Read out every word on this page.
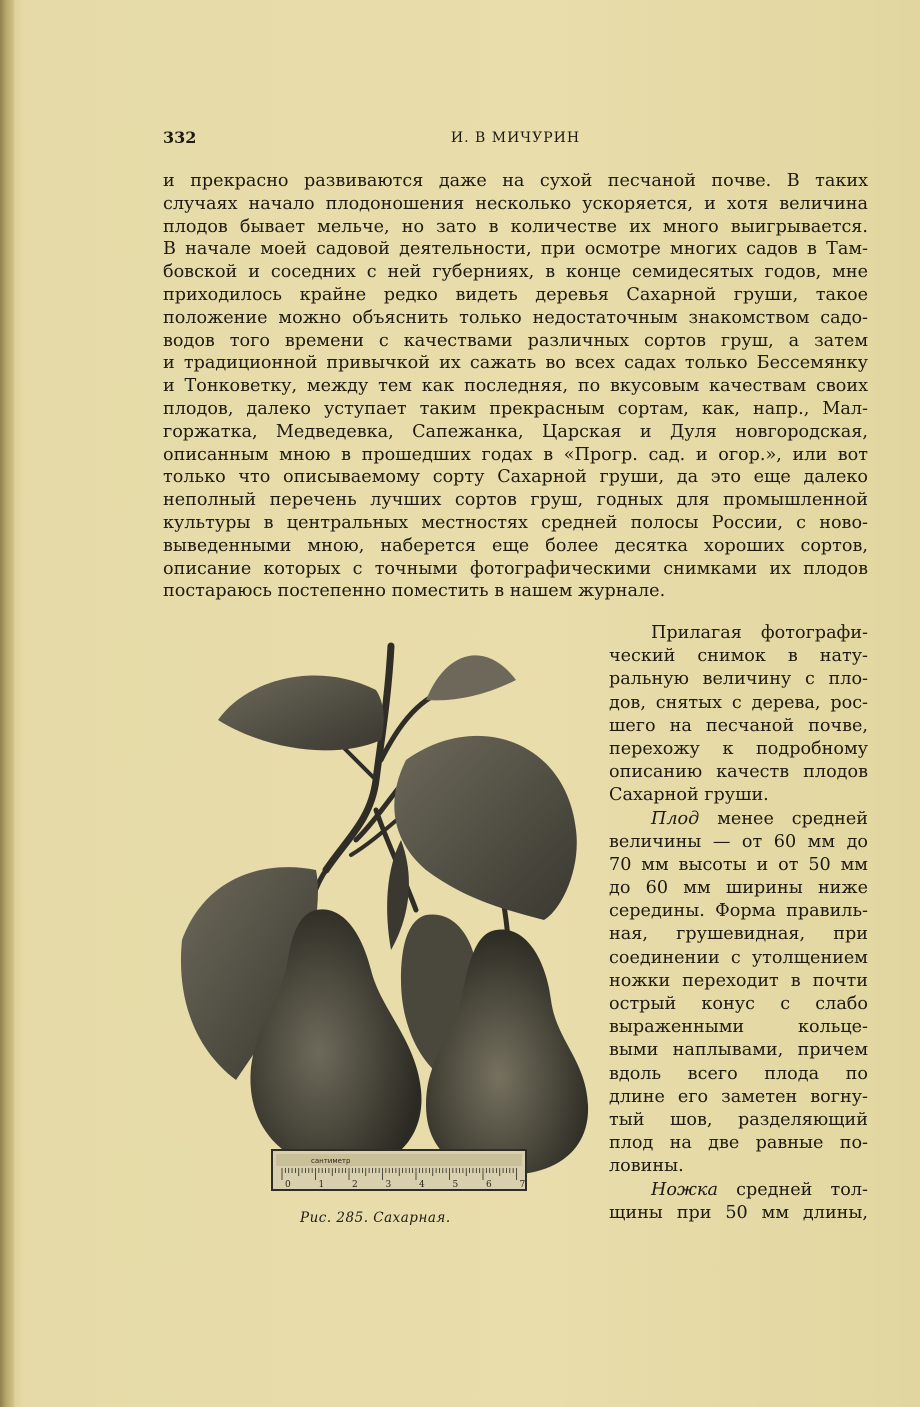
332	И. В МИЧУРИН
и прекрасно развиваются даже на сухой песчаной почве. В таких
случаях начало плодоношения несколько ускоряется, и хотя величина
плодов бывает мельче, но зато в количестве их много выигрывается.
В начале моей садовой деятельности, при осмотре многих садов в Там-
бовской и соседних с ней губерниях, в конце семидесятых годов, мне
приходилось крайне редко видеть деревья Сахарной груши, такое
положение можно объяснить только недостаточным знакомством садо-
водов того времени с качествами различных сортов груш, а затем
и традиционной привычкой их сажать во всех садах только Бессемянку
и Тонковетку, между тем как последняя, по вкусовым качествам своих
плодов, далеко уступает таким прекрасным сортам, как, напр., Мал-
горжатка, Медведевка, Сапежанка, Царская и Дуля новгородская,
описанным мною в прошедших годах в «Прогр. сад. и огор.», или вот
только что описываемому сорту Сахарной груши, да это еще далеко
неполный перечень лучших сортов груш, годных для промышленной
культуры в центральных местностях средней полосы России, с ново-
выведенными мною, наберется еще более десятка хороших сортов,
описание которых с точными фотографическими снимками их плодов
постараюсь постепенно поместить в нашем журнале.
Прилагая фотографи-
ческий снимок в нату-
ральную величину с пло-
дов, снятых с дерева, рос-
шего на песчаной почве,
перехожу к подробному
описанию качеств плодов
Сахарной груши.
Плод менее средней
величины — от 60 мм до
70 мм высоты и от 50 мм
до 60 мм ширины ниже
середины. Форма правиль-
ная, грушевидная, при
соединении с утолщением
ножки переходит в почти
острый конус с слабо
выраженными кольце-
выми наплывами, причем
вдоль всего плода по
длине его заметен вогну-
тый шов, разделяющий
плод на две равные по-
ловины.
Ножка средней тол-
щины при 50 мм длины,
сантиметр
0	1	2	3	4	5	6	7
Рис. 285. Сахарная.
